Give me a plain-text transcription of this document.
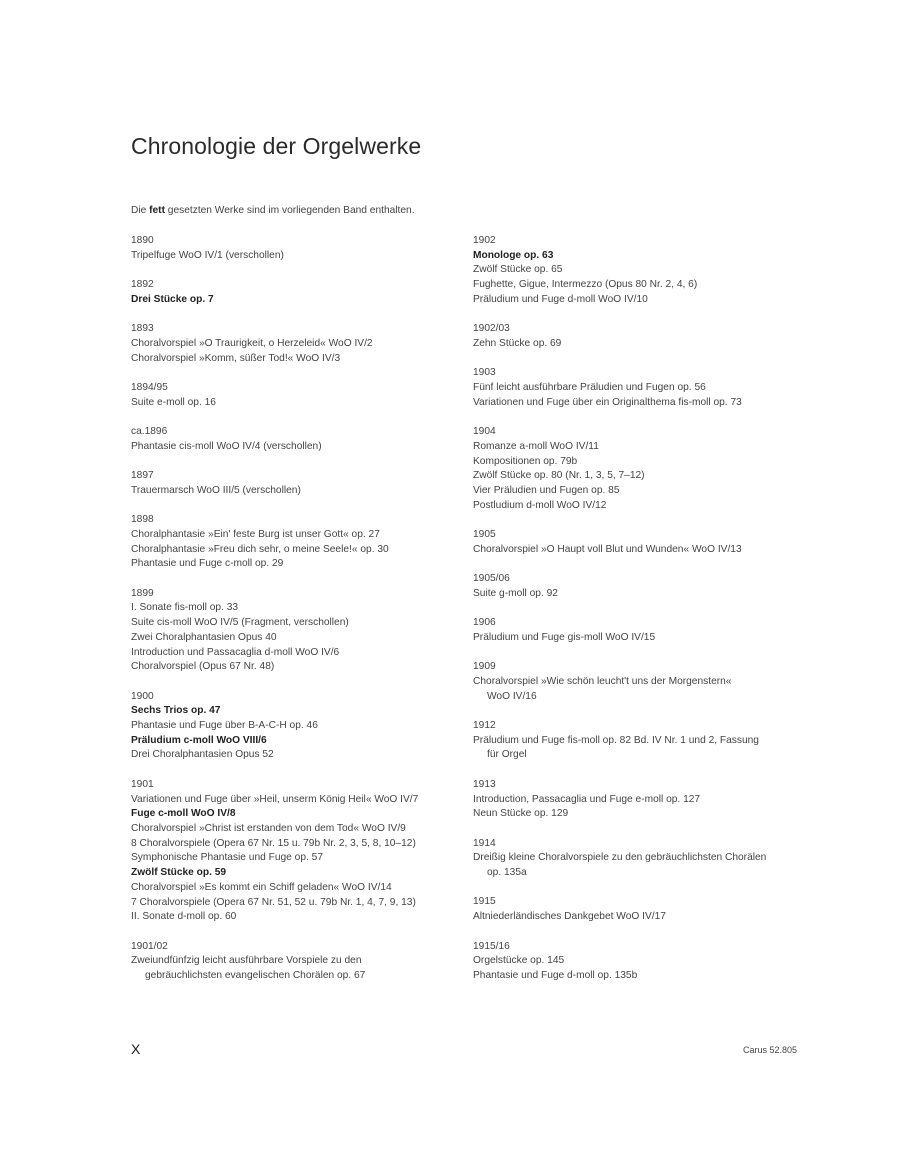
Chronologie der Orgelwerke
Die fett gesetzten Werke sind im vorliegenden Band enthalten.
1890
Tripelfuge WoO IV/1 (verschollen)
1892
Drei Stücke op. 7
1893
Choralvorspiel »O Traurigkeit, o Herzeleid« WoO IV/2
Choralvorspiel »Komm, süßer Tod!« WoO IV/3
1894/95
Suite e-moll op. 16
ca.1896
Phantasie cis-moll WoO IV/4 (verschollen)
1897
Trauermarsch WoO III/5 (verschollen)
1898
Choralphantasie »Ein' feste Burg ist unser Gott« op. 27
Choralphantasie »Freu dich sehr, o meine Seele!« op. 30
Phantasie und Fuge c-moll op. 29
1899
I. Sonate fis-moll op. 33
Suite cis-moll WoO IV/5 (Fragment, verschollen)
Zwei Choralphantasien Opus 40
Introduction und Passacaglia d-moll WoO IV/6
Choralvorspiel (Opus 67 Nr. 48)
1900
Sechs Trios op. 47
Phantasie und Fuge über B-A-C-H op. 46
Präludium c-moll WoO VIII/6
Drei Choralphantasien Opus 52
1901
Variationen und Fuge über »Heil, unserm König Heil« WoO IV/7
Fuge c-moll WoO IV/8
Choralvorspiel »Christ ist erstanden von dem Tod« WoO IV/9
8 Choralvorspiele (Opera 67 Nr. 15 u. 79b Nr. 2, 3, 5, 8, 10–12)
Symphonische Phantasie und Fuge op. 57
Zwölf Stücke op. 59
Choralvorspiel »Es kommt ein Schiff geladen« WoO IV/14
7 Choralvorspiele (Opera 67 Nr. 51, 52 u. 79b Nr. 1, 4, 7, 9, 13)
II. Sonate d-moll op. 60
1901/02
Zweiundfünfzig leicht ausführbare Vorspiele zu den
gebräuchlichsten evangelischen Chorälen op. 67
1902
Monologe op. 63
Zwölf Stücke op. 65
Fughette, Gigue, Intermezzo (Opus 80 Nr. 2, 4, 6)
Präludium und Fuge d-moll WoO IV/10
1902/03
Zehn Stücke op. 69
1903
Fünf leicht ausführbare Präludien und Fugen op. 56
Variationen und Fuge über ein Originalthema fis-moll op. 73
1904
Romanze a-moll WoO IV/11
Kompositionen op. 79b
Zwölf Stücke op. 80 (Nr. 1, 3, 5, 7–12)
Vier Präludien und Fugen op. 85
Postludium d-moll WoO IV/12
1905
Choralvorspiel »O Haupt voll Blut und Wunden« WoO IV/13
1905/06
Suite g-moll op. 92
1906
Präludium und Fuge gis-moll WoO IV/15
1909
Choralvorspiel »Wie schön leucht't uns der Morgenstern«
WoO IV/16
1912
Präludium und Fuge fis-moll op. 82 Bd. IV Nr. 1 und 2, Fassung
für Orgel
1913
Introduction, Passacaglia und Fuge e-moll op. 127
Neun Stücke op. 129
1914
Dreißig kleine Choralvorspiele zu den gebräuchlichsten Chorälen
op. 135a
1915
Altniederländisches Dankgebet WoO IV/17
1915/16
Orgelstücke op. 145
Phantasie und Fuge d-moll op. 135b
X	Carus 52.805
